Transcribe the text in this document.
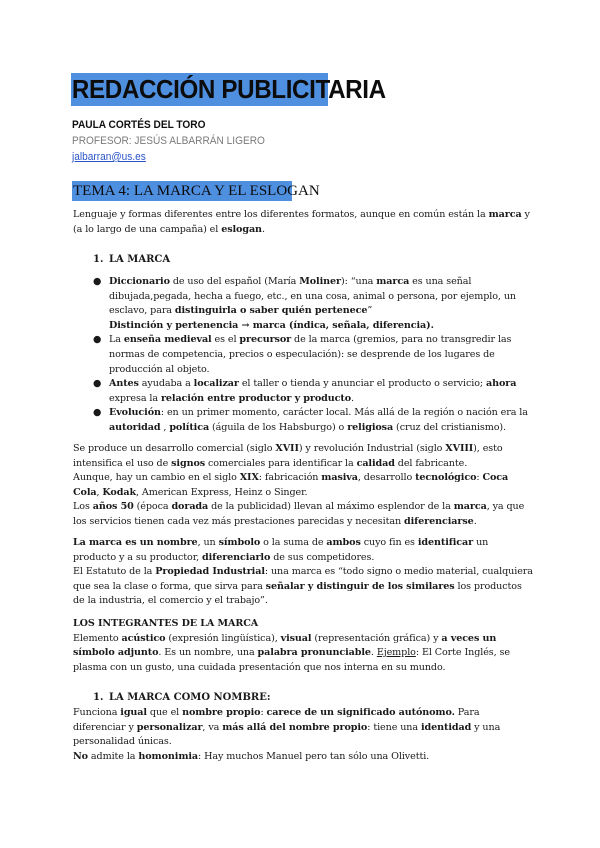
REDACCIÓN PUBLICITARIA
PAULA CORTÉS DEL TORO
PROFESOR: JESÚS ALBARRÁN LIGERO
jalbarran@us.es
TEMA 4: LA MARCA Y EL ESLOGAN
Lenguaje y formas diferentes entre los diferentes formatos, aunque en común están la marca y (a lo largo de una campaña) el eslogan.
1. LA MARCA
● Diccionario de uso del español (María Moliner): “una marca es una señal dibujada,pegada, hecha a fuego, etc., en una cosa, animal o persona, por ejemplo, un esclavo, para distinguirla o saber quién pertenece”
Distinción y pertenencia → marca (índica, señala, diferencia).
● La enseña medieval es el precursor de la marca (gremios, para no transgredir las normas de competencia, precios o especulación): se desprende de los lugares de producción al objeto.
● Antes ayudaba a localizar el taller o tienda y anunciar el producto o servicio; ahora expresa la relación entre productor y producto.
● Evolución: en un primer momento, carácter local. Más allá de la región o nación era la autoridad , política (águila de los Habsburgo) o religiosa (cruz del cristianismo).
Se produce un desarrollo comercial (siglo XVII) y revolución Industrial (siglo XVIII), esto intensifica el uso de signos comerciales para identificar la calidad del fabricante.
Aunque, hay un cambio en el siglo XIX: fabricación masiva, desarrollo tecnológico: Coca Cola, Kodak, American Express, Heinz o Singer.
Los años 50 (época dorada de la publicidad) llevan al máximo esplendor de la marca, ya que los servicios tienen cada vez más prestaciones parecidas y necesitan diferenciarse.
La marca es un nombre, un símbolo o la suma de ambos cuyo fin es identificar un producto y a su productor, diferenciarlo de sus competidores.
El Estatuto de la Propiedad Industrial: una marca es “todo signo o medio material, cualquiera que sea la clase o forma, que sirva para señalar y distinguir de los similares los productos de la industria, el comercio y el trabajo”.
LOS INTEGRANTES DE LA MARCA
Elemento acústico (expresión lingüística), visual (representación gráfica) y a veces un símbolo adjunto. Es un nombre, una palabra pronunciable. Ejemplo: El Corte Inglés, se plasma con un gusto, una cuidada presentación que nos interna en su mundo.
1. LA MARCA COMO NOMBRE:
Funciona igual que el nombre propio: carece de un significado autónomo. Para diferenciar y personalizar, va más allá del nombre propio: tiene una identidad y una personalidad únicas.
No admite la homonimia: Hay muchos Manuel pero tan sólo una Olivetti.
